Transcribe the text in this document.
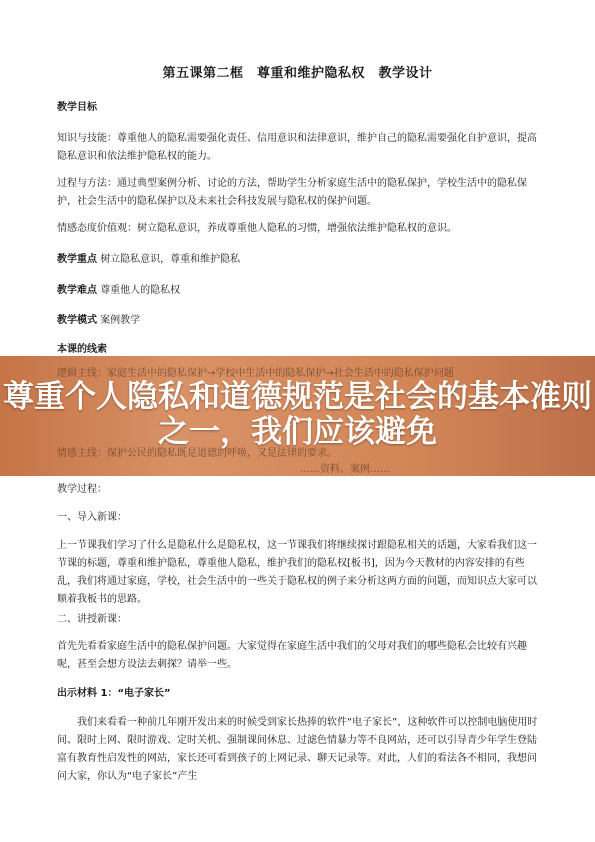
第五课第二框　尊重和维护隐私权　教学设计

教学目标

知识与技能：尊重他人的隐私需要强化责任、信用意识和法律意识，维护自己的隐私需要强化自护意识，提高隐私意识和依法维护隐私权的能力。

过程与方法：通过典型案例分析、讨论的方法，帮助学生分析家庭生活中的隐私保护，学校生活中的隐私保护，社会生活中的隐私保护以及未来社会科技发展与隐私权的保护问题。

情感态度价值观：树立隐私意识，养成尊重他人隐私的习惯，增强依法维护隐私权的意识。

教学重点 树立隐私意识，尊重和维护隐私

教学难点 尊重他人的隐私权

教学模式 案例教学

本课的线索

逻辑主线：家庭生活中的隐私保护→学校中生活中的隐私保护→社会生活中的隐私保护问题
情感主线：保护公民的隐私既是道德的呼唤，又是法律的要求。
……资料、案例……
尊重个人隐私和道德规范是社会的基本准则之一，我们应该避免

教学过程：

一、导入新课：

上一节课我们学习了什么是隐私什么是隐私权，这一节课我们将继续探讨跟隐私相关的话题，大家看我们这一节课的标题，尊重和维护隐私，尊重他人隐私，维护我们的隐私权[板书]，因为今天教材的内容安排的有些乱，我们将通过家庭，学校，社会生活中的一些关于隐私权的例子来分析这两方面的问题，而知识点大家可以顺着我板书的思路。

二、讲授新课：

首先先看看家庭生活中的隐私保护问题。大家觉得在家庭生活中我们的父母对我们的哪些隐私会比较有兴趣呢，甚至会想方设法去刺探？请举一些。

出示材料 1：“电子家长”

我们来看看一种前几年刚开发出来的时候受到家长热捧的软件“电子家长”，这种软件可以控制电脑使用时间、限时上网、限时游戏、定时关机、强制课间休息、过滤色情暴力等不良网站，还可以引导青少年学生登陆富有教育性启发性的网站，家长还可看到孩子的上网记录、聊天记录等。对此，人们的看法各不相同，我想问问大家，你认为“电子家长”产生
